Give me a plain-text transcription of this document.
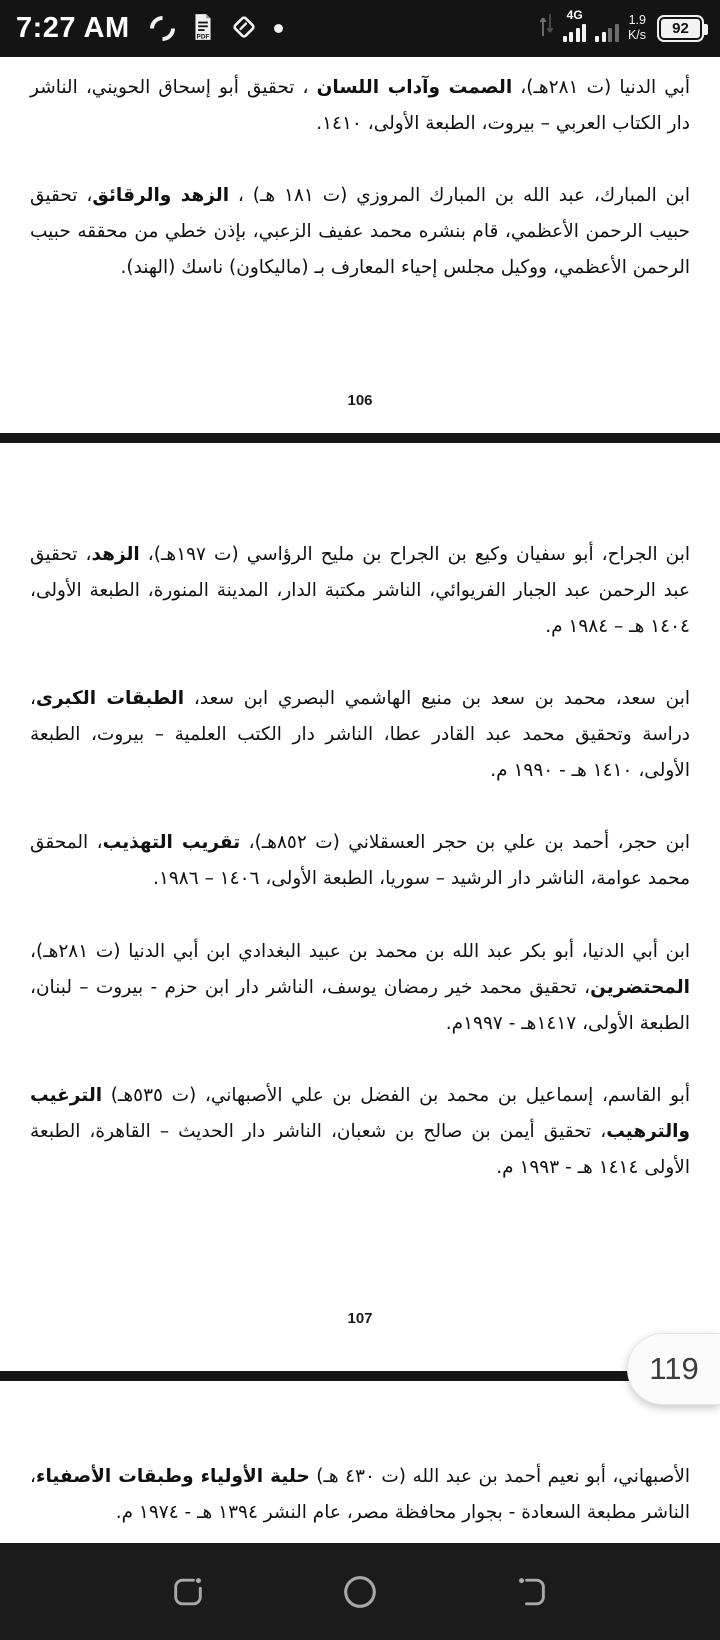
7:27 AM	PDF
4G	1.9
K/s	92

أبي الدنيا (ت ٢٨١هـ)، الصمت وآداب اللسان ، تحقيق أبو إسحاق الحويني، الناشر دار الكتاب العربي – بيروت، الطبعة الأولى، ١٤١٠.

ابن المبارك، عبد الله بن المبارك المروزي (ت ١٨١ هـ) ، الزهد والرقائق، تحقيق حبيب الرحمن الأعظمي، قام بنشره محمد عفيف الزعبي، بإذن خطي من محققه حبيب الرحمن الأعظمي، ووكيل مجلس إحياء المعارف بـ (ماليكاون) ناسك (الهند).

106

ابن الجراح، أبو سفيان وكيع بن الجراح بن مليح الرؤاسي (ت ١٩٧هـ)، الزهد، تحقيق عبد الرحمن عبد الجبار الفريوائي، الناشر مكتبة الدار، المدينة المنورة، الطبعة الأولى، ١٤٠٤ هـ – ١٩٨٤ م.

ابن سعد، محمد بن سعد بن منيع الهاشمي البصري ابن سعد، الطبقات الكبرى، دراسة وتحقيق محمد عبد القادر عطا، الناشر دار الكتب العلمية – بيروت، الطبعة الأولى، ١٤١٠ هـ - ١٩٩٠ م.

ابن حجر، أحمد بن علي بن حجر العسقلاني (ت ٨٥٢هـ)، تقريب التهذيب، المحقق محمد عوامة، الناشر دار الرشيد – سوريا، الطبعة الأولى، ١٤٠٦ – ١٩٨٦.

ابن أبي الدنيا، أبو بكر عبد الله بن محمد بن عبيد البغدادي ابن أبي الدنيا (ت ٢٨١هـ)، المحتضرين، تحقيق محمد خير رمضان يوسف، الناشر دار ابن حزم - بيروت – لبنان، الطبعة الأولى، ١٤١٧هـ - ١٩٩٧م.

أبو القاسم، إسماعيل بن محمد بن الفضل بن علي الأصبهاني، (ت ٥٣٥هـ) الترغيب والترهيب، تحقيق أيمن بن صالح بن شعبان، الناشر دار الحديث – القاهرة، الطبعة الأولى ١٤١٤ هـ - ١٩٩٣ م.

107

الأصبهاني، أبو نعيم أحمد بن عبد الله (ت ٤٣٠ هـ) حلية الأولياء وطبقات الأصفياء، الناشر مطبعة السعادة - بجوار محافظة مصر، عام النشر ١٣٩٤ هـ - ١٩٧٤ م.

119
